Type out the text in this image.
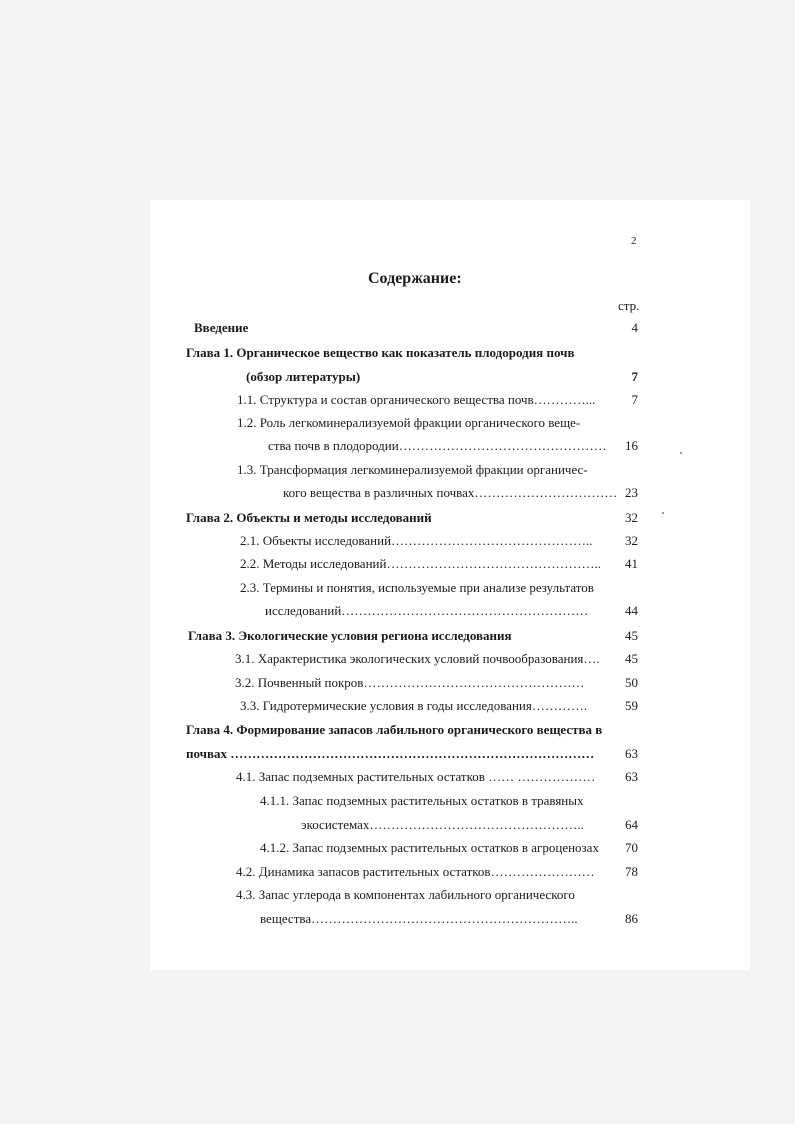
2
Содержание:
стр.
Введение	4
Глава 1. Органическое вещество как показатель плодородия почв
(обзор литературы)	7
1.1. Структура и состав органического вещества почв…………...	7
1.2. Роль легкоминерализуемой фракции органического веще-
ства почв в плодородии…………………………………………	16
1.3. Трансформация легкоминерализуемой фракции органичес-
кого вещества в различных почвах…………………………… 23
Глава 2. Объекты и методы исследований	32
2.1. Объекты исследований………………………………………..	32
2.2. Методы исследований…………………………………………..	41
2.3. Термины и понятия, используемые при анализе результатов
исследований…………………………………………………	44
Глава 3. Экологические условия региона исследования	45
3.1. Характеристика экологических условий почвообразования….	45
3.2. Почвенный покров……………………………………………	50
3.3. Гидротермические условия в годы исследования………….	59
Глава 4. Формирование запасов лабильного органического вещества в
почвах …………………………………………………………………………	63
4.1. Запас подземных растительных остатков …… ………………	63
4.1.1. Запас подземных растительных остатков в травяных
экосистемах…………………………………………..	64
4.1.2. Запас подземных растительных остатков в агроценозах	70
4.2. Динамика запасов растительных остатков……………………	78
4.3. Запас углерода в компонентах лабильного органического
вещества……………………………………………………..	86
